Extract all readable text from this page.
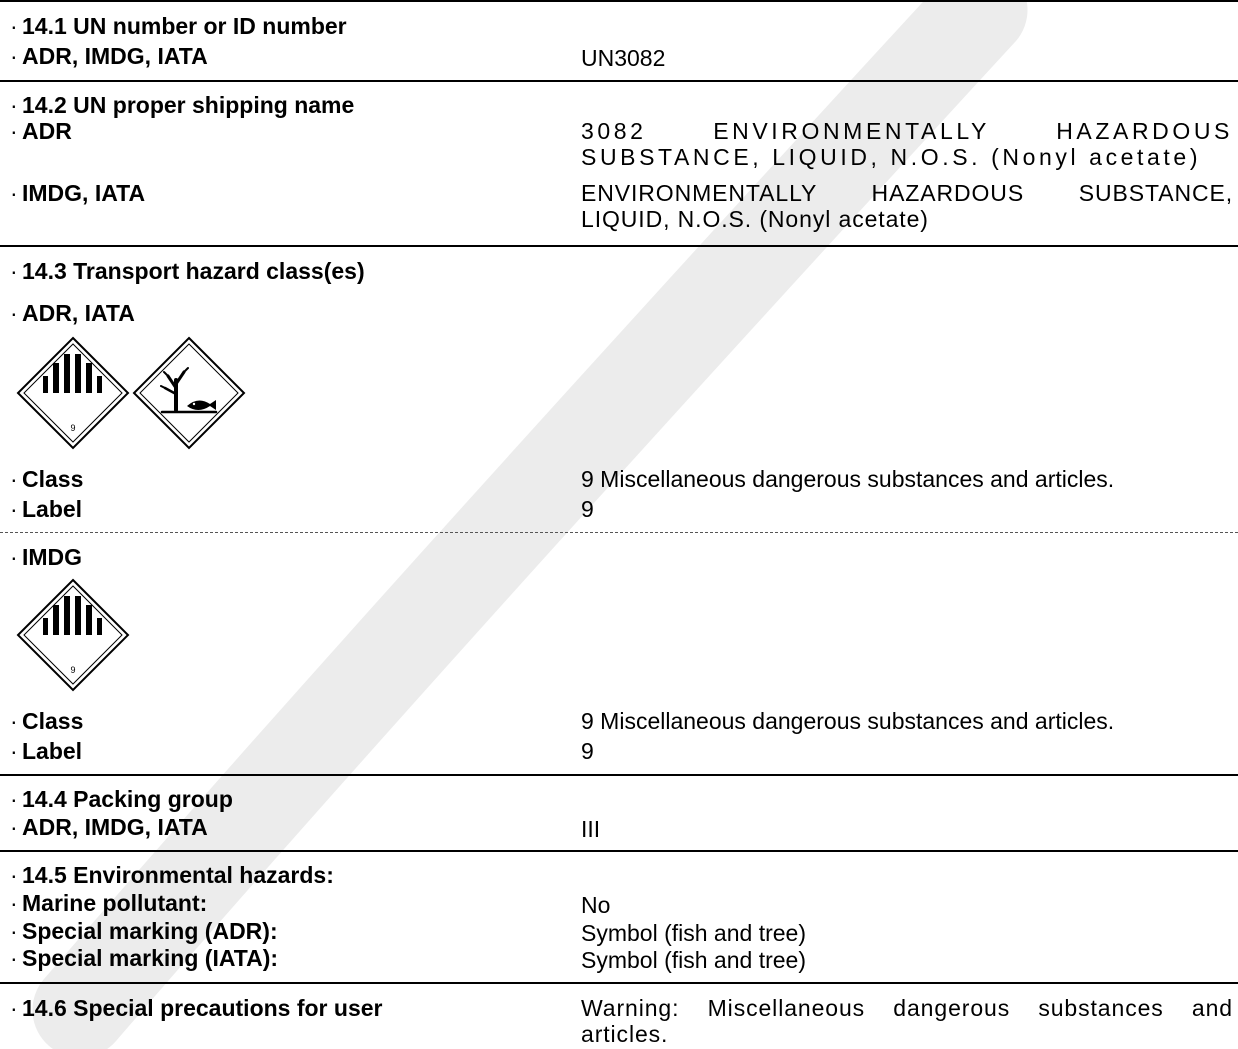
· 14.1 UN number or ID number
· ADR, IMDG, IATA	UN3082
· 14.2 UN proper shipping name
· ADR	3082 ENVIRONMENTALLY HAZARDOUS SUBSTANCE, LIQUID, N.O.S. (Nonyl acetate)
· IMDG, IATA	ENVIRONMENTALLY HAZARDOUS SUBSTANCE, LIQUID, N.O.S. (Nonyl acetate)
· 14.3 Transport hazard class(es)
· ADR, IATA
9
· Class	9 Miscellaneous dangerous substances and articles.
· Label	9
· IMDG
9
· Class	9 Miscellaneous dangerous substances and articles.
· Label	9
· 14.4 Packing group
· ADR, IMDG, IATA	III
· 14.5 Environmental hazards:
· Marine pollutant:	No
· Special marking (ADR):	Symbol (fish and tree)
· Special marking (IATA):	Symbol (fish and tree)
· 14.6 Special precautions for user	Warning: Miscellaneous dangerous substances and articles.
